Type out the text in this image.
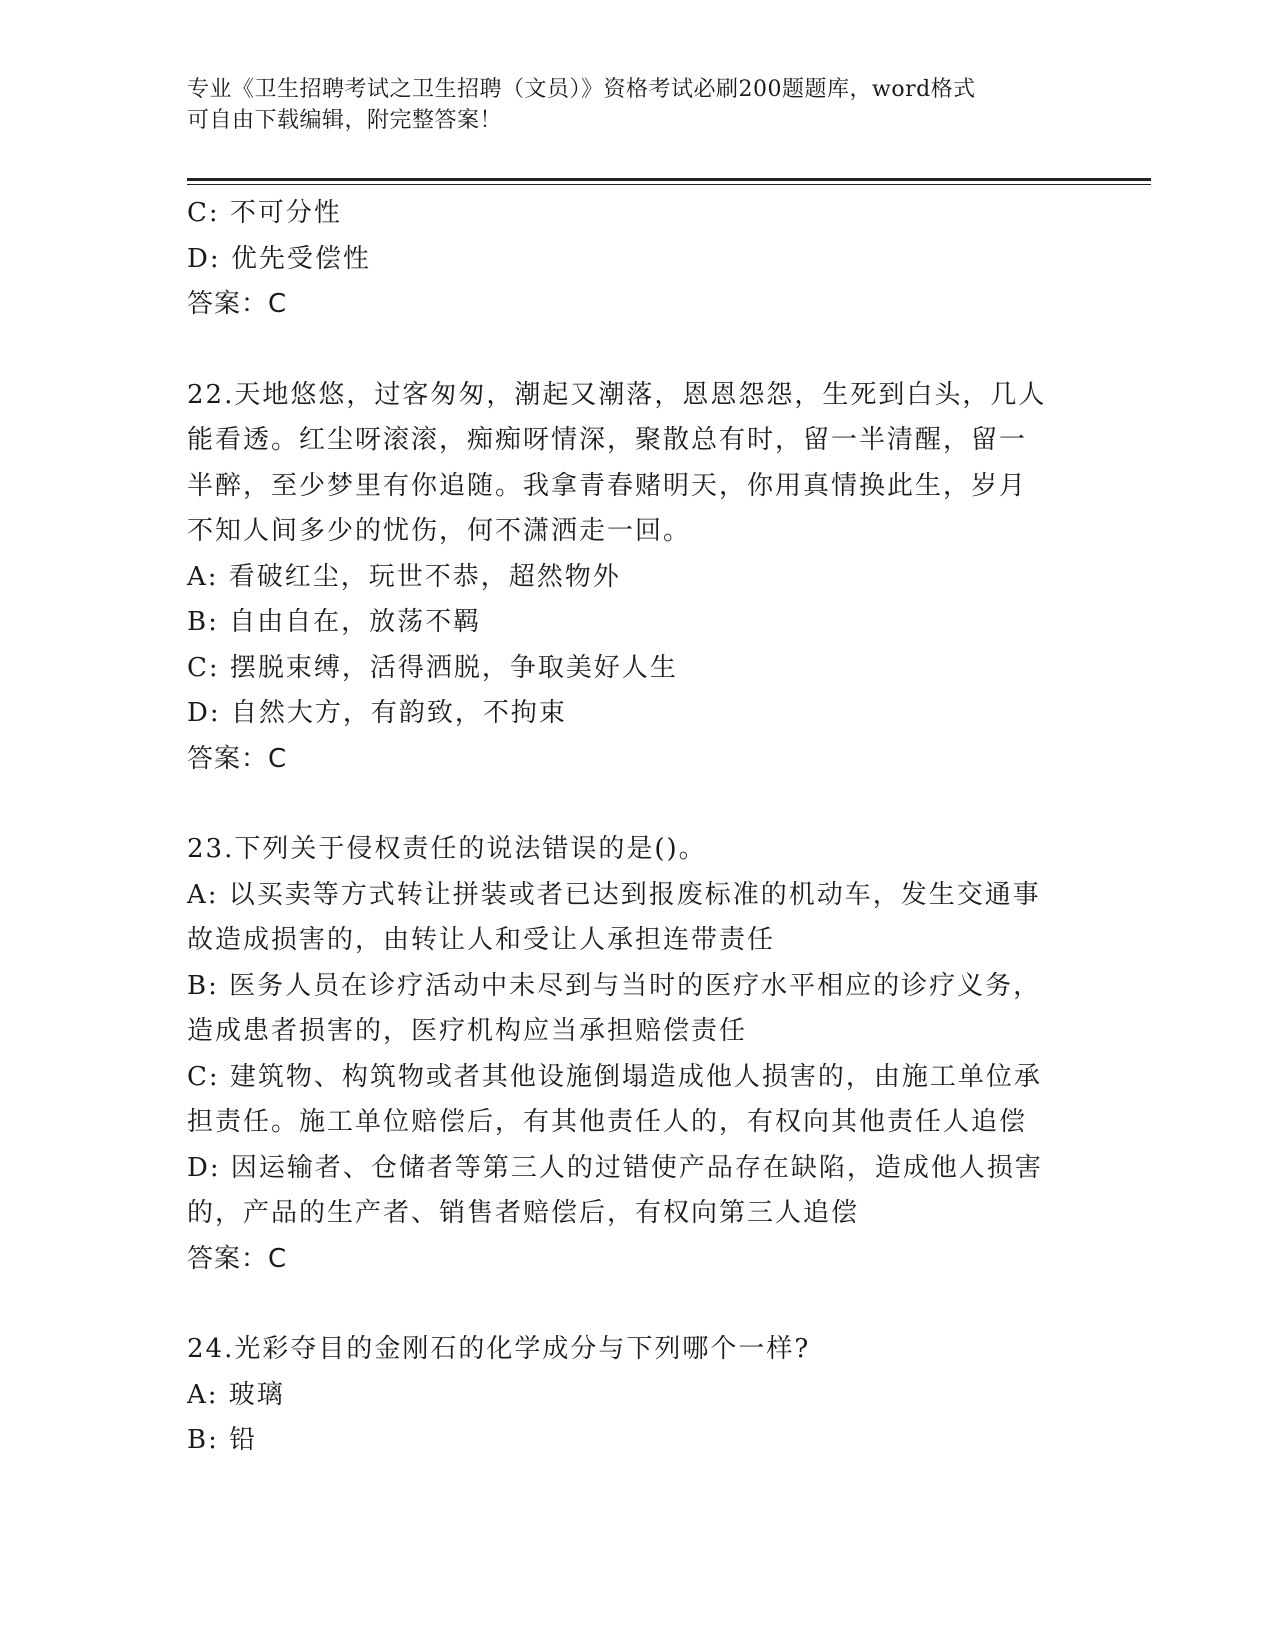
专业《卫生招聘考试之卫生招聘（文员）》资格考试必刷200题题库，word格式
可自由下载编辑，附完整答案！

C: 不可分性

D: 优先受偿性

答案：C

22.天地悠悠，过客匆匆，潮起又潮落，恩恩怨怨，生死到白头，几人

能看透。红尘呀滚滚，痴痴呀情深，聚散总有时，留一半清醒，留一

半醉，至少梦里有你追随。我拿青春赌明天，你用真情换此生，岁月

不知人间多少的忧伤，何不潇洒走一回。

A: 看破红尘，玩世不恭，超然物外

B: 自由自在，放荡不羁

C: 摆脱束缚，活得洒脱，争取美好人生

D: 自然大方，有韵致，不拘束

答案：C

23.下列关于侵权责任的说法错误的是()。

A: 以买卖等方式转让拼装或者已达到报废标准的机动车，发生交通事

故造成损害的，由转让人和受让人承担连带责任

B: 医务人员在诊疗活动中未尽到与当时的医疗水平相应的诊疗义务，

造成患者损害的，医疗机构应当承担赔偿责任

C: 建筑物、构筑物或者其他设施倒塌造成他人损害的，由施工单位承

担责任。施工单位赔偿后，有其他责任人的，有权向其他责任人追偿

D: 因运输者、仓储者等第三人的过错使产品存在缺陷，造成他人损害

的，产品的生产者、销售者赔偿后，有权向第三人追偿

答案：C

24.光彩夺目的金刚石的化学成分与下列哪个一样?

A: 玻璃

B: 铅
